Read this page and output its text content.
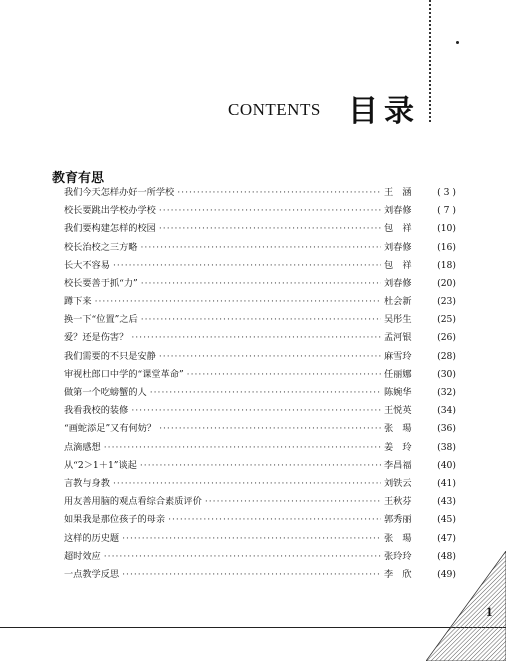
CONTENTS 目录
教育有思
我们今天怎样办好一所学校 ·····	王　涵	( 3 )
校长要跳出学校办学校 ·····	刘春修	( 7 )
我们要构建怎样的校园 ·····	包　祥	(10)
校长治校之三方略 ·····	刘春修	(16)
长大不容易 ·····	包　祥	(18)
校长要善于抓“力” ·····	刘春修	(20)
蹲下来 ·····	杜会新	(23)
换一下“位置”之后 ·····	吴彤生	(25)
爱？还是伤害？ ·····	孟河银	(26)
我们需要的不只是安静 ·····	麻雪玲	(28)
审视杜郎口中学的“课堂革命” ·····	任丽娜	(30)
做第一个吃螃蟹的人 ·····	陈婉华	(32)
我看我校的装修 ·····	王悦英	(34)
“画蛇添足”又有何妨？ ·····	张　瑒	(36)
点滴感想 ·····	姜　玲	(38)
从“2＞1＋1”谈起 ·····	李昌福	(40)
言教与身教 ·····	刘铁云	(41)
用友善用脑的观点看综合素质评价 ·····	王秋芬	(43)
如果我是那位孩子的母亲 ·····	郭秀丽	(45)
这样的历史题 ·····	张　瑒	(47)
超时效应 ·····	张玲玲	(48)
一点教学反思 ·····	李　欣	(49)
1
